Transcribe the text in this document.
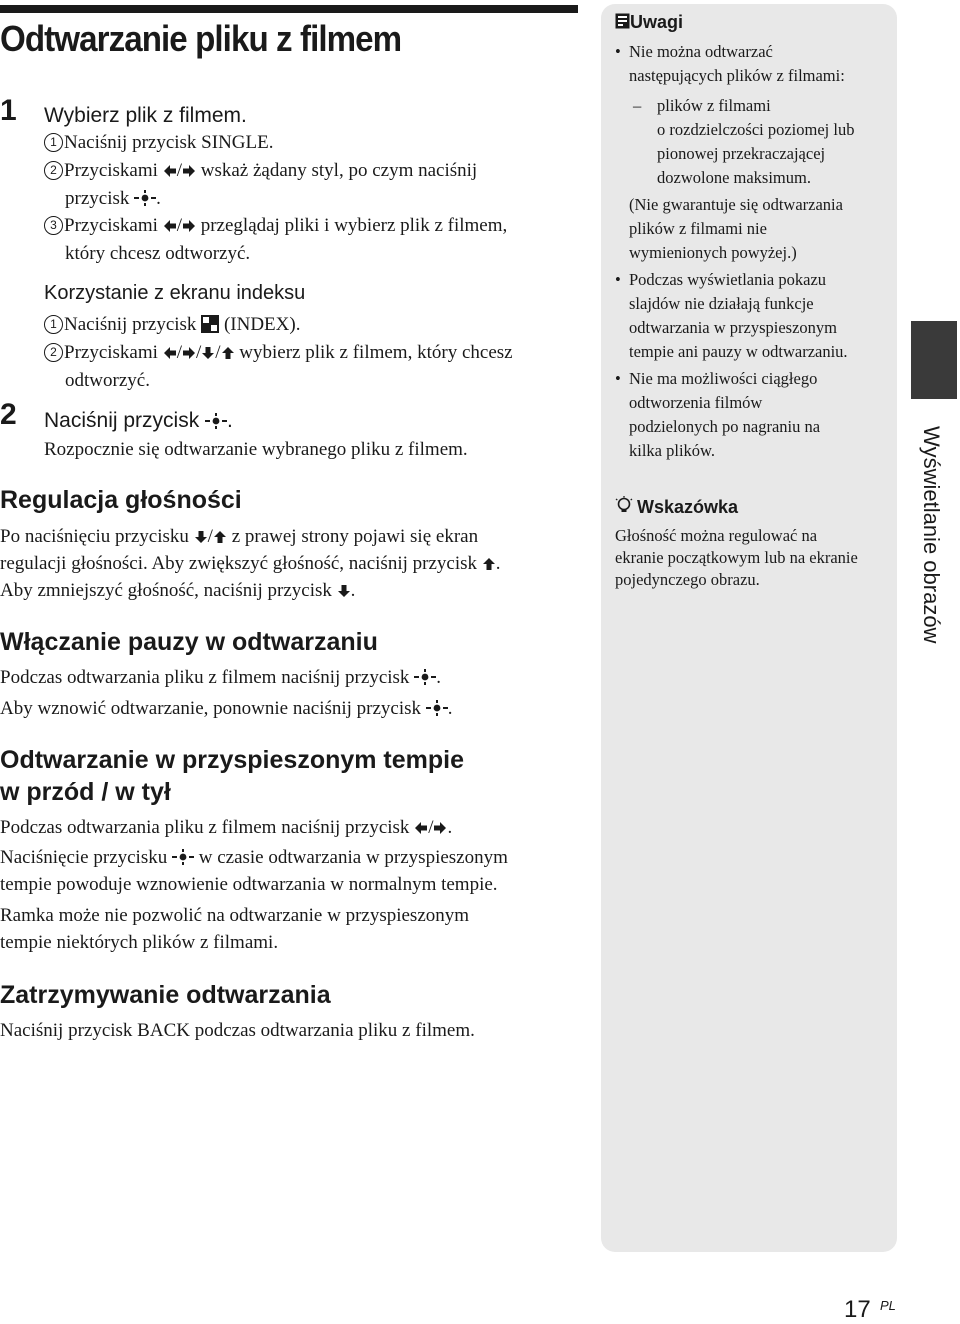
Odtwarzanie pliku z filmem
1 Wybierz plik z filmem.
1 Naciśnij przycisk SINGLE.
2 Przyciskami / wskaż żądany styl, po czym naciśnij
przycisk .
3 Przyciskami / przeglądaj pliki i wybierz plik z filmem,
który chcesz odtworzyć.
Korzystanie z ekranu indeksu
1 Naciśnij przycisk (INDEX).
2 Przyciskami / / / wybierz plik z filmem, który chcesz
odtworzyć.
2 Naciśnij przycisk .
Rozpocznie się odtwarzanie wybranego pliku z filmem.
Regulacja głośności
Po naciśnięciu przycisku / z prawej strony pojawi się ekran
regulacji głośności. Aby zwiększyć głośność, naciśnij przycisk .
Aby zmniejszyć głośność, naciśnij przycisk .
Włączanie pauzy w odtwarzaniu
Podczas odtwarzania pliku z filmem naciśnij przycisk .
Aby wznowić odtwarzanie, ponownie naciśnij przycisk .
Odtwarzanie w przyspieszonym tempie
w przód / w tył
Podczas odtwarzania pliku z filmem naciśnij przycisk / .
Naciśnięcie przycisku w czasie odtwarzania w przyspieszonym
tempie powoduje wznowienie odtwarzania w normalnym tempie.
Ramka może nie pozwolić na odtwarzanie w przyspieszonym
tempie niektórych plików z filmami.
Zatrzymywanie odtwarzania
Naciśnij przycisk BACK podczas odtwarzania pliku z filmem.
Uwagi
• Nie można odtwarzać
następujących plików z filmami:
– plików z filmami
o rozdzielczości poziomej lub
pionowej przekraczającej
dozwolone maksimum.
(Nie gwarantuje się odtwarzania
plików z filmami nie
wymienionych powyżej.)
• Podczas wyświetlania pokazu
slajdów nie działają funkcje
odtwarzania w przyspieszonym
tempie ani pauzy w odtwarzaniu.
• Nie ma możliwości ciągłego
odtworzenia filmów
podzielonych po nagraniu na
kilka plików.
Wskazówka
Głośność można regulować na
ekranie początkowym lub na ekranie
pojedynczego obrazu.	Wyświetlanie obrazów
17 PL
